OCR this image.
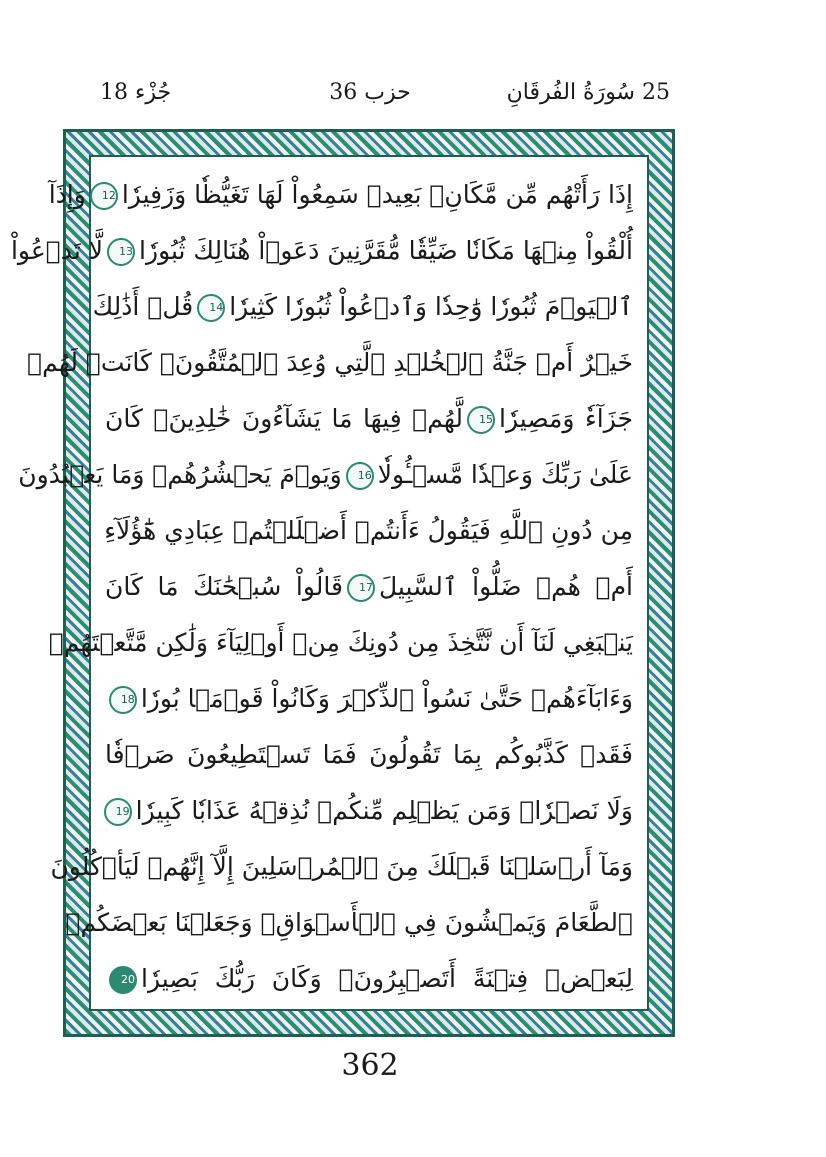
25 سُورَةُ الفُرقَانِ
حزب 36
جُزْء 18
إِذَا رَأَتْهُم مِّن مَّكَانِۭ بَعِيدٖ سَمِعُواْ لَهَا تَغَيُّظٗا وَزَفِيرٗا12وَإِذَآ
أُلْقُواْ مِنۡهَا مَكَانٗا ضَيِّقٗا مُّقَرَّنِينَ دَعَوۡاْ هُنَالِكَ ثُبُورٗا13لَّا تَدۡعُواْ
ٱلۡيَوۡمَ ثُبُورٗا وَٰحِدٗا وَٱدۡعُواْ ثُبُورٗا كَثِيرٗا14قُلۡ أَذَٰلِكَ
خَيۡرٌ أَمۡ جَنَّةُ ٱلۡخُلۡدِ ٱلَّتِي وُعِدَ ٱلۡمُتَّقُونَۚ كَانَتۡ لَهُمۡ
جَزَآءٗ وَمَصِيرٗا15لَّهُمۡ فِيهَا مَا يَشَآءُونَ خَٰلِدِينَۚ كَانَ
عَلَىٰ رَبِّكَ وَعۡدٗا مَّسۡـُٔولٗا16وَيَوۡمَ يَحۡشُرُهُمۡ وَمَا يَعۡبُدُونَ
مِن دُونِ ٱللَّهِ فَيَقُولُ ءَأَنتُمۡ أَضۡلَلۡتُمۡ عِبَادِي هَٰٓؤُلَآءِ
أَمۡ هُمۡ ضَلُّواْ ٱلسَّبِيلَ17قَالُواْ سُبۡحَٰنَكَ مَا كَانَ
يَنۢبَغِي لَنَآ أَن نَّتَّخِذَ مِن دُونِكَ مِنۡ أَوۡلِيَآءَ وَلَٰكِن مَّتَّعۡتَهُمۡ
وَءَابَآءَهُمۡ حَتَّىٰ نَسُواْ ٱلذِّكۡرَ وَكَانُواْ قَوۡمَۢا بُورٗا18
فَقَدۡ كَذَّبُوكُم بِمَا تَقُولُونَ فَمَا تَسۡتَطِيعُونَ صَرۡفٗا
وَلَا نَصۡرٗاۚ وَمَن يَظۡلِم مِّنكُمۡ نُذِقۡهُ عَذَابٗا كَبِيرٗا19
وَمَآ أَرۡسَلۡنَا قَبۡلَكَ مِنَ ٱلۡمُرۡسَلِينَ إِلَّآ إِنَّهُمۡ لَيَأۡكُلُونَ
ٱلطَّعَامَ وَيَمۡشُونَ فِي ٱلۡأَسۡوَاقِۗ وَجَعَلۡنَا بَعۡضَكُمۡ
لِبَعۡضٖ فِتۡنَةً أَتَصۡبِرُونَۗ وَكَانَ رَبُّكَ بَصِيرٗا20
362
